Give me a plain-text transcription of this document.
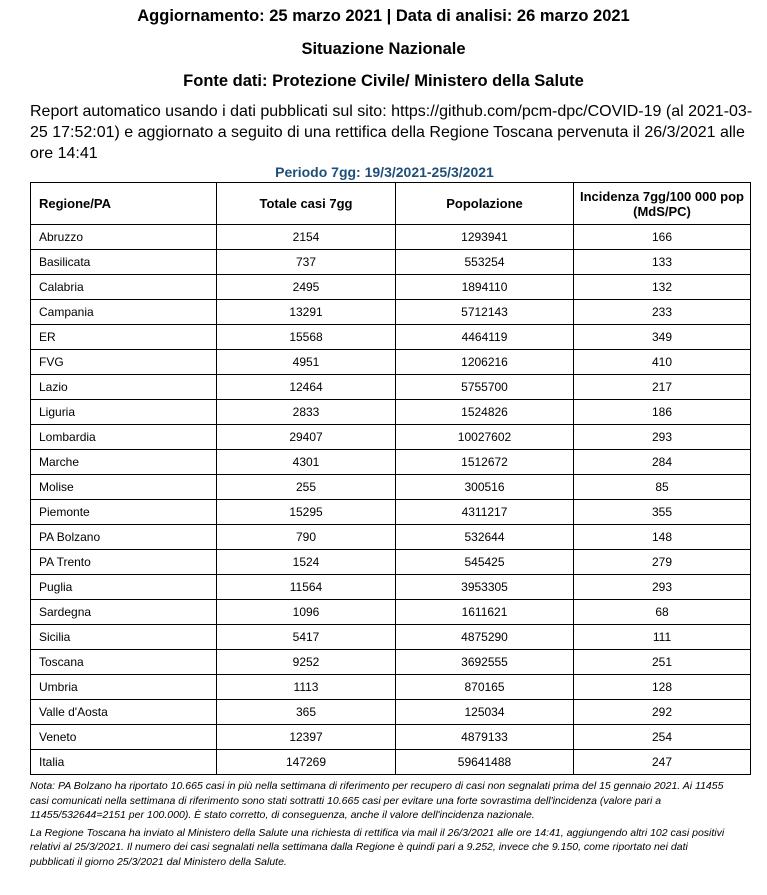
Aggiornamento: 25 marzo 2021 | Data di analisi: 26 marzo 2021
Situazione Nazionale
Fonte dati: Protezione Civile/ Ministero della Salute
Report automatico usando i dati pubblicati sul sito: https://github.com/pcm-dpc/COVID-19 (al 2021-03-25 17:52:01) e aggiornato a seguito di una rettifica della Regione Toscana pervenuta il 26/3/2021 alle ore 14:41
Periodo 7gg: 19/3/2021-25/3/2021
Regione/PA	Totale casi 7gg	Popolazione	Incidenza 7gg/100 000 pop (MdS/PC)
Abruzzo	2154	1293941	166
Basilicata	737	553254	133
Calabria	2495	1894110	132
Campania	13291	5712143	233
ER	15568	4464119	349
FVG	4951	1206216	410
Lazio	12464	5755700	217
Liguria	2833	1524826	186
Lombardia	29407	10027602	293
Marche	4301	1512672	284
Molise	255	300516	85
Piemonte	15295	4311217	355
PA Bolzano	790	532644	148
PA Trento	1524	545425	279
Puglia	11564	3953305	293
Sardegna	1096	1611621	68
Sicilia	5417	4875290	111
Toscana	9252	3692555	251
Umbria	1113	870165	128
Valle d'Aosta	365	125034	292
Veneto	12397	4879133	254
Italia	147269	59641488	247

Nota: PA Bolzano ha riportato 10.665 casi in più nella settimana di riferimento per recupero di casi non segnalati prima del 15 gennaio 2021. Ai 11455 casi comunicati nella settimana di riferimento sono stati sottratti 10.665 casi per evitare una forte sovrastima dell'incidenza (valore pari a 11455/532644=2151 per 100.000). È stato corretto, di conseguenza, anche il valore dell'incidenza nazionale.

La Regione Toscana ha inviato al Ministero della Salute una richiesta di rettifica via mail il 26/3/2021 alle ore 14:41, aggiungendo altri 102 casi positivi relativi al 25/3/2021. Il numero dei casi segnalati nella settimana dalla Regione è quindi pari a 9.252, invece che 9.150, come riportato nei dati pubblicati il giorno 25/3/2021 dal Ministero della Salute.
